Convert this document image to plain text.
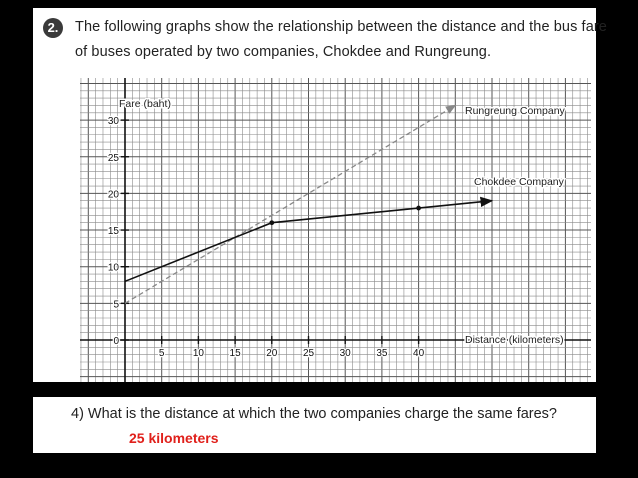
2.	The following graphs show the relationship between the distance and the bus fare
of buses operated by two companies, Chokdee and Rungreung.
5	10	15	20	25	30	35	40
0
5
10
15
20
25
30
Fare (baht)
Distance (kilometers)
Rungreung Company
Chokdee Company
4) What is the distance at which the two companies charge the same fares?
25 kilometers
